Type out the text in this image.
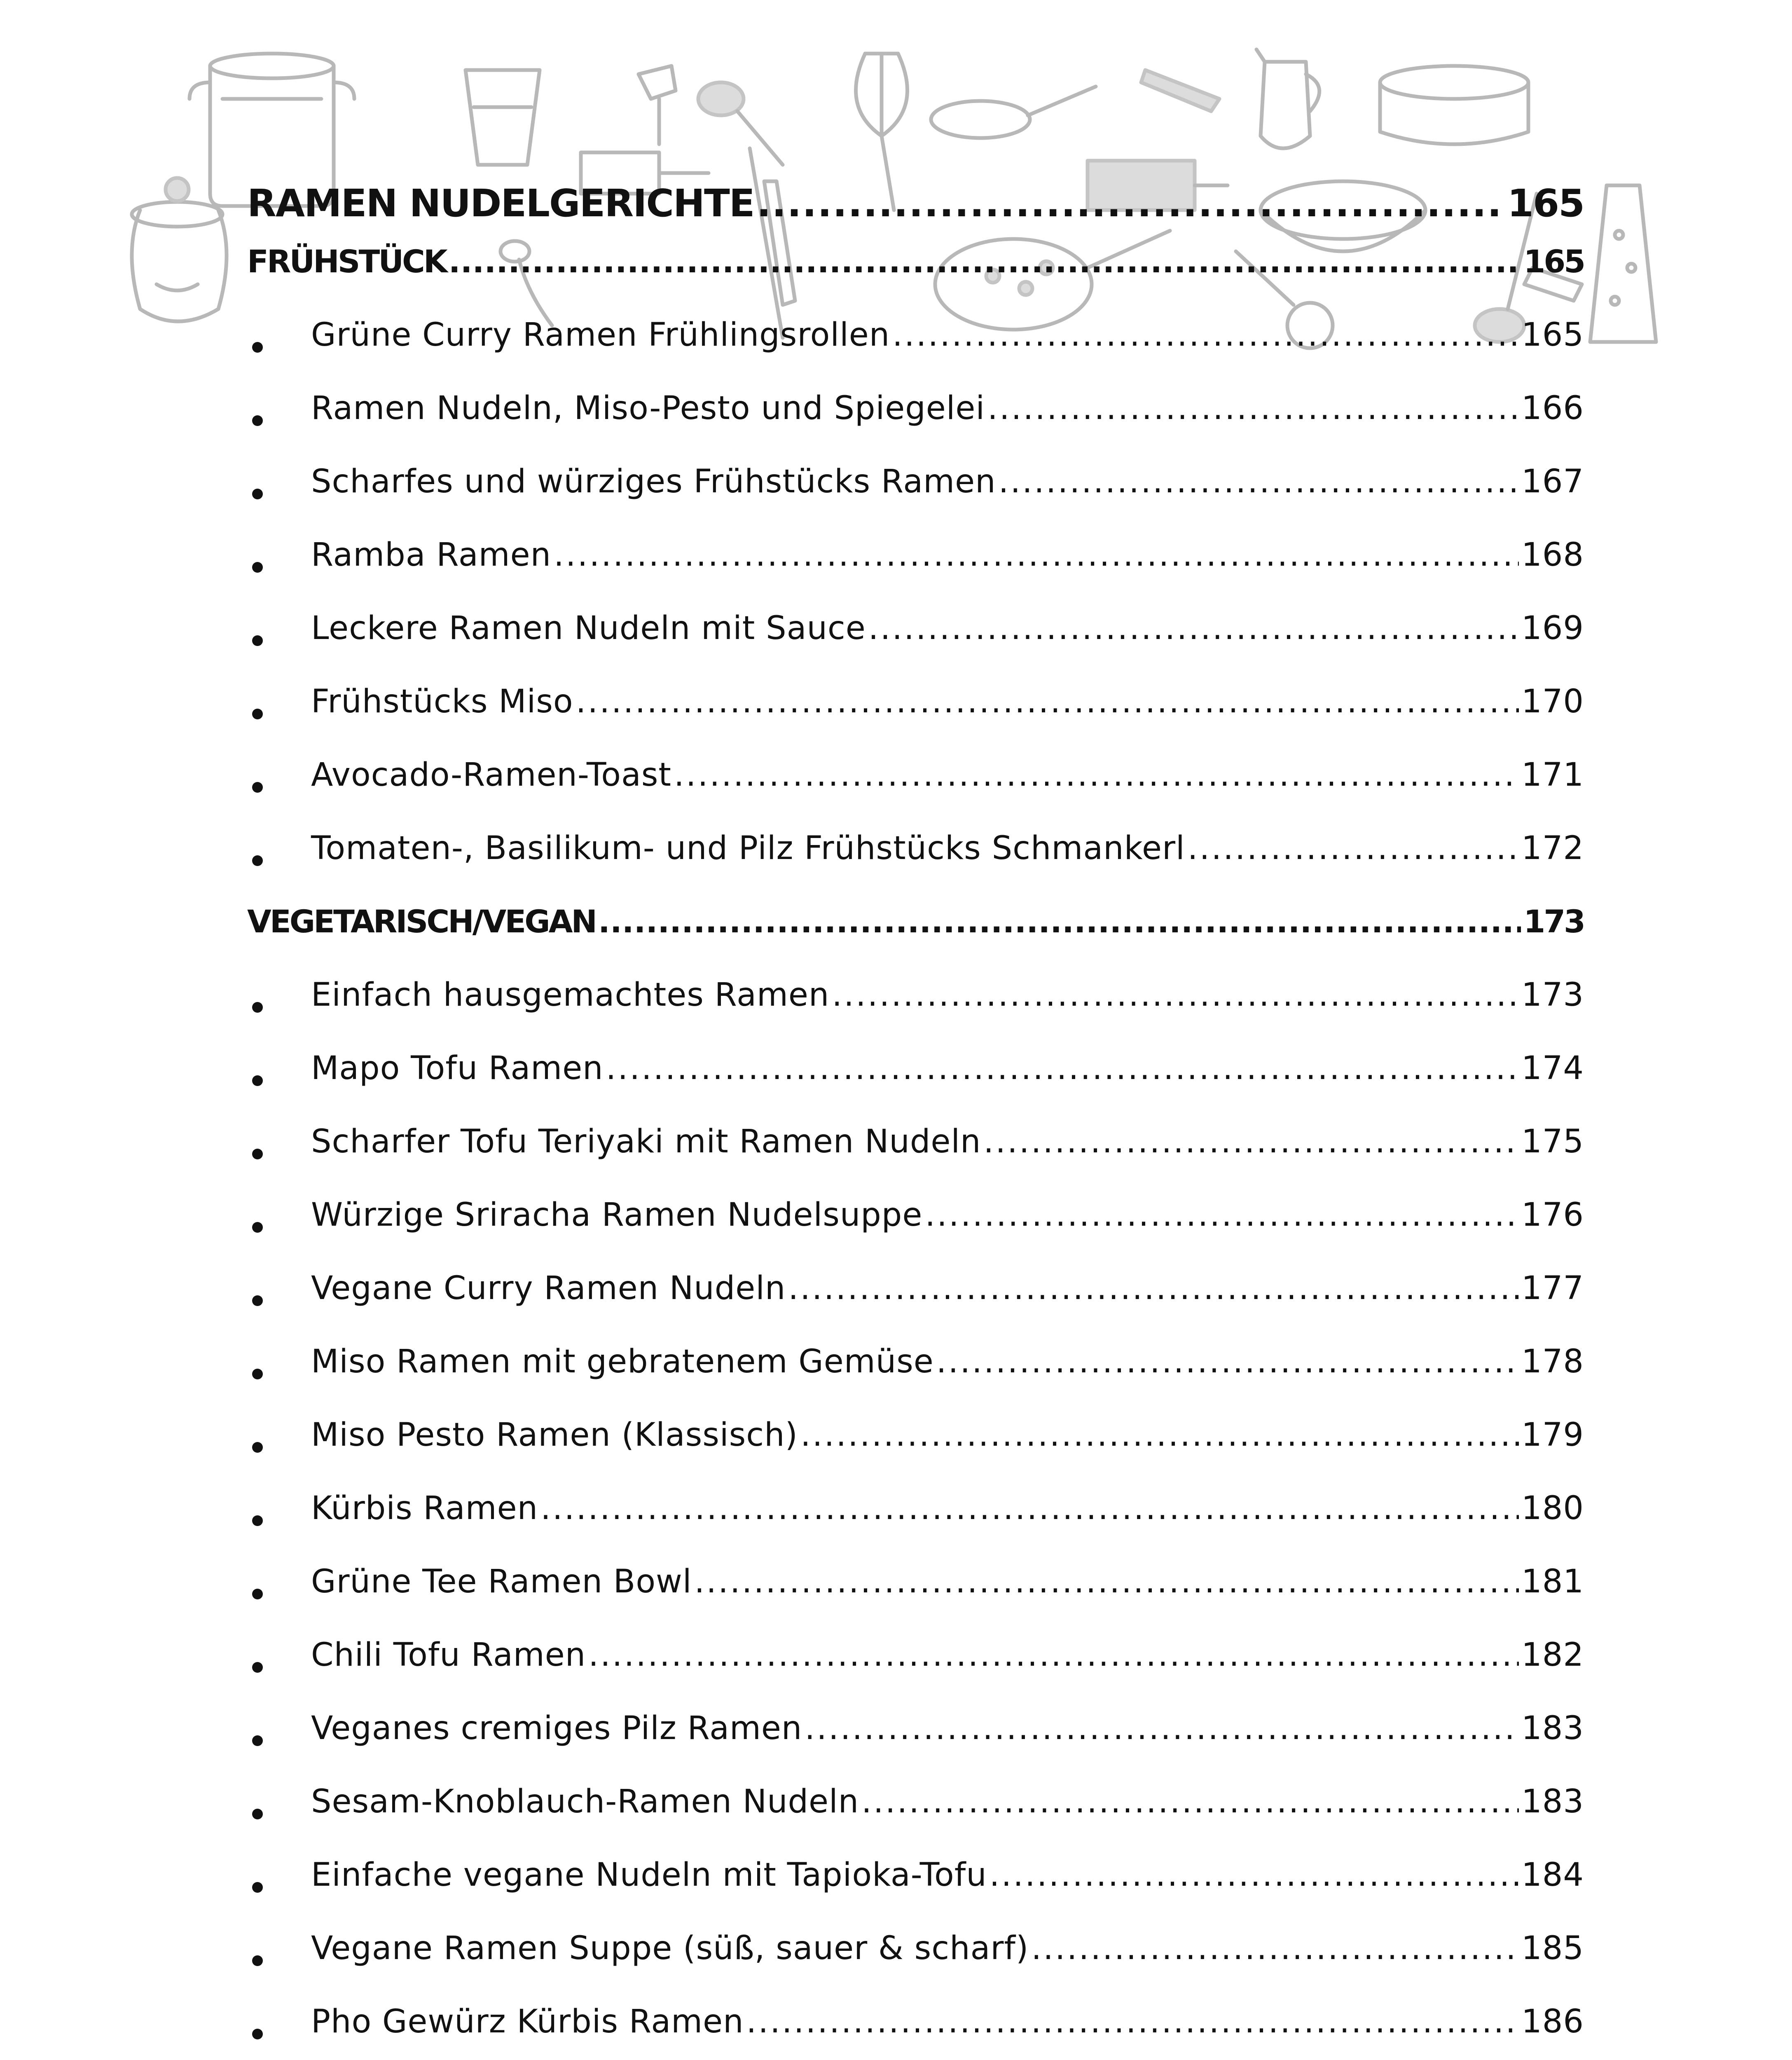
RAMEN NUDELGERICHTE .....	165
FRÜHSTÜCK .....	165
Grüne Curry Ramen Frühlingsrollen .....	165
Ramen Nudeln, Miso-Pesto und Spiegelei .....	166
Scharfes und würziges Frühstücks Ramen .....	167
Ramba Ramen .....	168
Leckere Ramen Nudeln mit Sauce .....	169
Frühstücks Miso .....	170
Avocado-Ramen-Toast .....	171
Tomaten-, Basilikum- und Pilz Frühstücks Schmankerl .....	172
VEGETARISCH/VEGAN .....	173
Einfach hausgemachtes Ramen .....	173
Mapo Tofu Ramen .....	174
Scharfer Tofu Teriyaki mit Ramen Nudeln .....	175
Würzige Sriracha Ramen Nudelsuppe .....	176
Vegane Curry Ramen Nudeln .....	177
Miso Ramen mit gebratenem Gemüse .....	178
Miso Pesto Ramen (Klassisch) .....	179
Kürbis Ramen .....	180
Grüne Tee Ramen Bowl .....	181
Chili Tofu Ramen .....	182
Veganes cremiges Pilz Ramen .....	183
Sesam-Knoblauch-Ramen Nudeln .....	183
Einfache vegane Nudeln mit Tapioka-Tofu .....	184
Vegane Ramen Suppe (süß, sauer & scharf) .....	185
Pho Gewürz Kürbis Ramen .....	186
